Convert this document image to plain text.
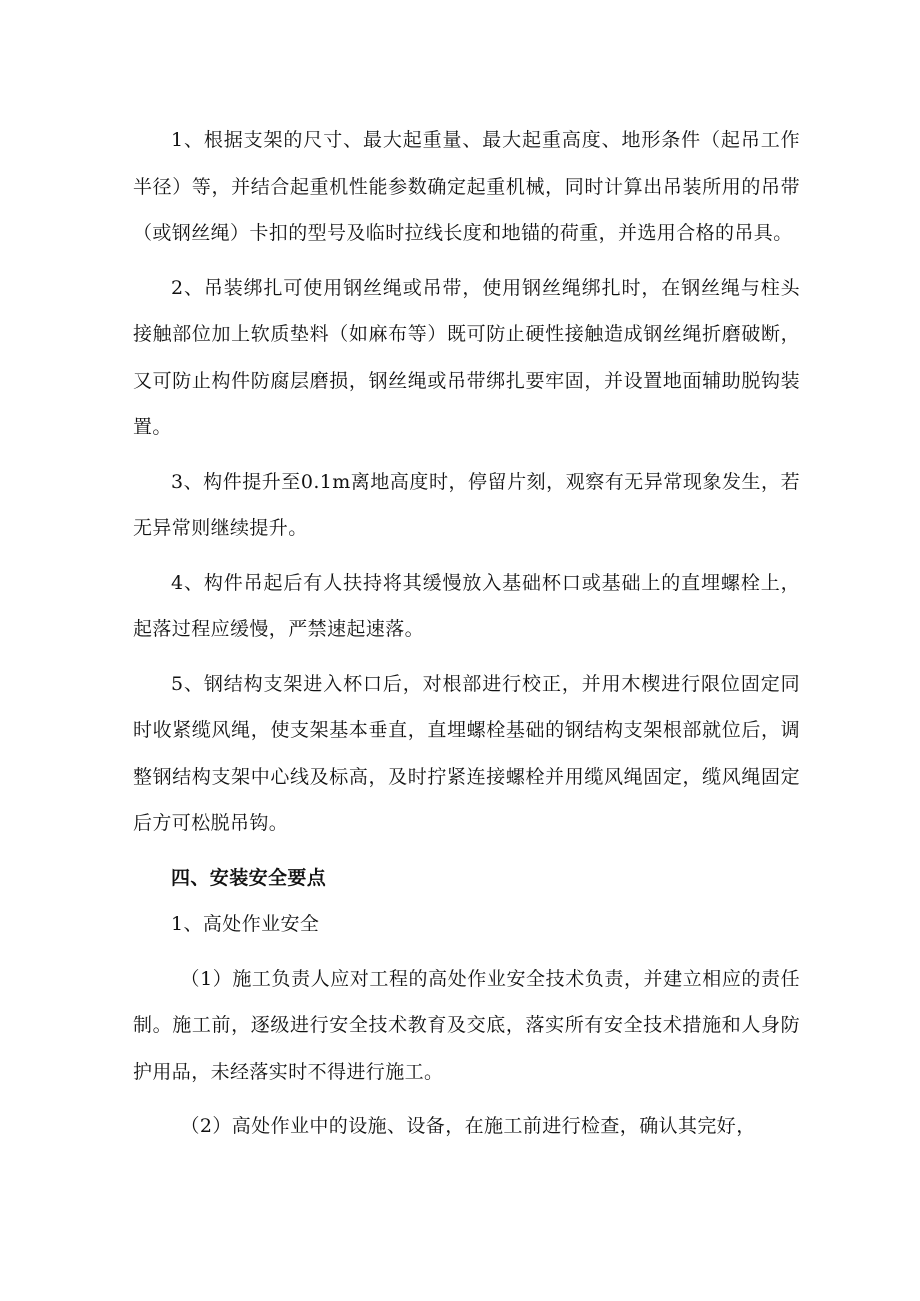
1、根据支架的尺寸、最大起重量、最大起重高度、地形条件（起吊工作半径）等，并结合起重机性能参数确定起重机械，同时计算出吊装所用的吊带（或钢丝绳）卡扣的型号及临时拉线长度和地锚的荷重，并选用合格的吊具。

2、吊装绑扎可使用钢丝绳或吊带，使用钢丝绳绑扎时，在钢丝绳与柱头接触部位加上软质垫料（如麻布等）既可防止硬性接触造成钢丝绳折磨破断，又可防止构件防腐层磨损，钢丝绳或吊带绑扎要牢固，并设置地面辅助脱钩装置。

3、构件提升至0.1m离地高度时，停留片刻，观察有无异常现象发生，若无异常则继续提升。

4、构件吊起后有人扶持将其缓慢放入基础杯口或基础上的直埋螺栓上，起落过程应缓慢，严禁速起速落。

5、钢结构支架进入杯口后，对根部进行校正，并用木楔进行限位固定同时收紧缆风绳，使支架基本垂直，直埋螺栓基础的钢结构支架根部就位后，调整钢结构支架中心线及标高，及时拧紧连接螺栓并用缆风绳固定，缆风绳固定后方可松脱吊钩。

四、安装安全要点

1、高处作业安全

（1）施工负责人应对工程的高处作业安全技术负责，并建立相应的责任制。施工前，逐级进行安全技术教育及交底，落实所有安全技术措施和人身防护用品，未经落实时不得进行施工。

（2）高处作业中的设施、设备，在施工前进行检查，确认其完好，
